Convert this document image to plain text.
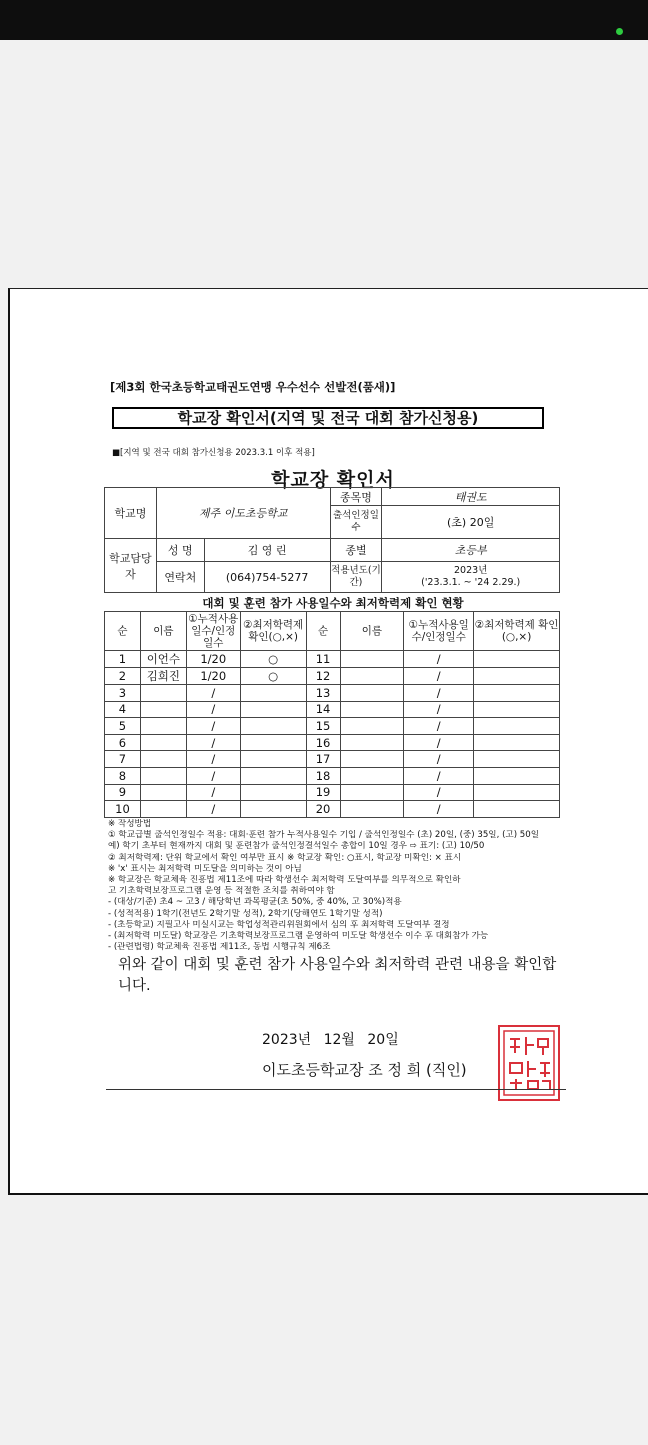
[제3회 한국초등학교태권도연맹 우수선수 선발전(품새)]
학교장 확인서(지역 및 전국 대회 참가신청용)
■[지역 및 전국 대회 참가신청용 2023.3.1 이후 적용]
학교장 확인서
학교명	제주 이도초등학교		종목명	태권도
			출석인정일수	(초) 20일
학교담당자	성 명	김 영 린	종별	초등부
	연락처	(064)754-5277	적용년도(기간)	2023년
('23.3.1. ~ '24 2.29.)
대회 및 훈련 참가 사용일수와 최저학력제 확인 현황
순	이름	①누적사용일수/인정일수	②최저학력제 확인(○,×)	순	이름	①누적사용일수/인정일수	②최저학력제 확인(○,×)
1	이언수	1/20	○	11		/	
2	김희진	1/20	○	12		/	
3		/		13		/	
4		/		14		/	
5		/		15		/	
6		/		16		/	
7		/		17		/	
8		/		18		/	
9		/		19		/	
10		/		20		/	
※ 작성방법
① 학교급별 출석인정일수 적용: 대회·훈련 참가 누적사용일수 기입 / 출석인정일수 (초) 20일, (중) 35일, (고) 50일
예) 학기 초부터 현재까지 대회 및 훈련참가 출석인정결석일수 총합이 10일 경우 ⇨ 표기: (고) 10/50
② 최저학력제: 단위 학교에서 확인 여부만 표시 ※ 학교장 확인: ○표시, 학교장 미확인: × 표시
※ 'x' 표시는 최저학력 미도달을 의미하는 것이 아님
※ 학교장은 학교체육 진흥법 제11조에 따라 학생선수 최저학력 도달여부를 의무적으로 확인하
고 기초학력보장프로그램 운영 등 적절한 조치를 취하여야 함
- (대상/기준) 초4 ~ 고3 / 해당학년 과목평균(초 50%, 중 40%, 고 30%)적용
- (성적적용) 1학기(전년도 2학기말 성적), 2학기(당해연도 1학기말 성적)
- (초등학교) 지필고사 미실시교는 학업성적관리위원회에서 심의 후 최저학력 도달여부 결정
- (최저학력 미도달) 학교장은 기초학력보장프로그램 운영하여 미도달 학생선수 이수 후 대회참가 가능
- (관련법령) 학교체육 진흥법 제11조, 동법 시행규칙 제6조
위와 같이 대회 및 훈련 참가 사용일수와 최저학력 관련 내용을 확인합니다.
2023년 12월 20일
이도초등학교장 조 정 희 (직인)
